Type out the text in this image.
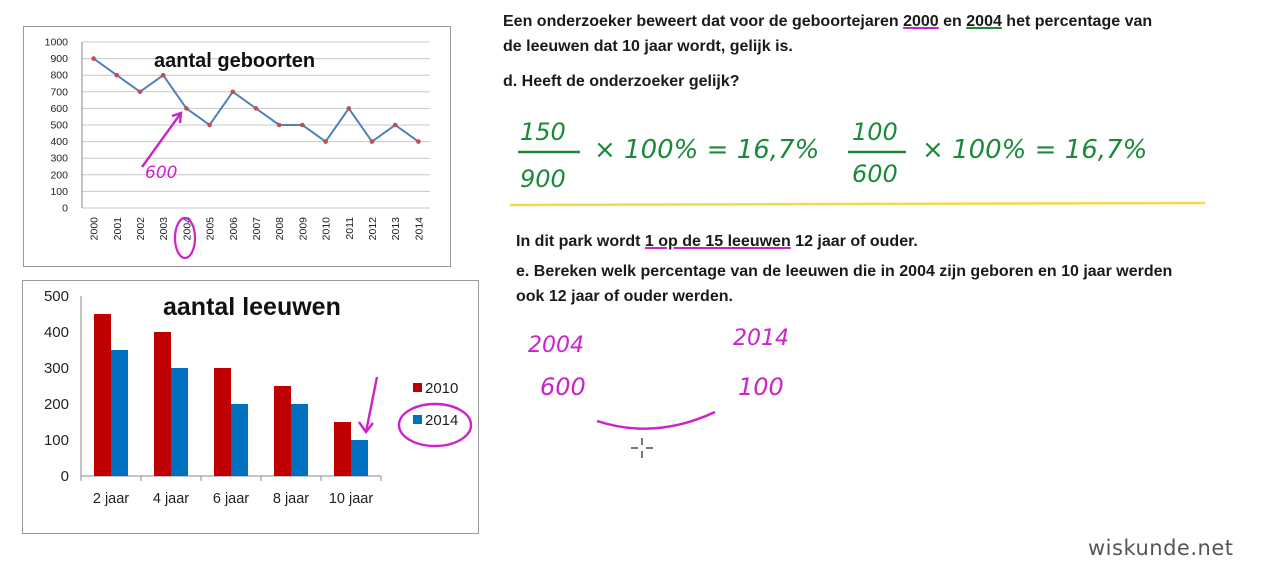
0
100
200
300
400
500
600
700
800
900
1000
2000 2001 2002 2003 2004 2005 2006 2007 2008 2009 2010 2011 2012 2013 2014
aantal geboorten
0
100
200
300
400
500
2 jaar 4 jaar 6 jaar 8 jaar 10 jaar
2010
2014
aantal leeuwen
Een onderzoeker beweert dat voor de geboortejaren 2000 en 2004 het percentage van
de leeuwen dat 10 jaar wordt, gelijk is.
d. Heeft de onderzoeker gelijk?
In dit park wordt 1 op de 15 leeuwen 12 jaar of ouder.
e. Bereken welk percentage van de leeuwen die in 2004 zijn geboren en 10 jaar werden
ook 12 jaar of ouder werden.
600
150
900
× 100% = 16,7%
100
600
× 100% = 16,7%
2004
600
2014
100
wiskunde.net
